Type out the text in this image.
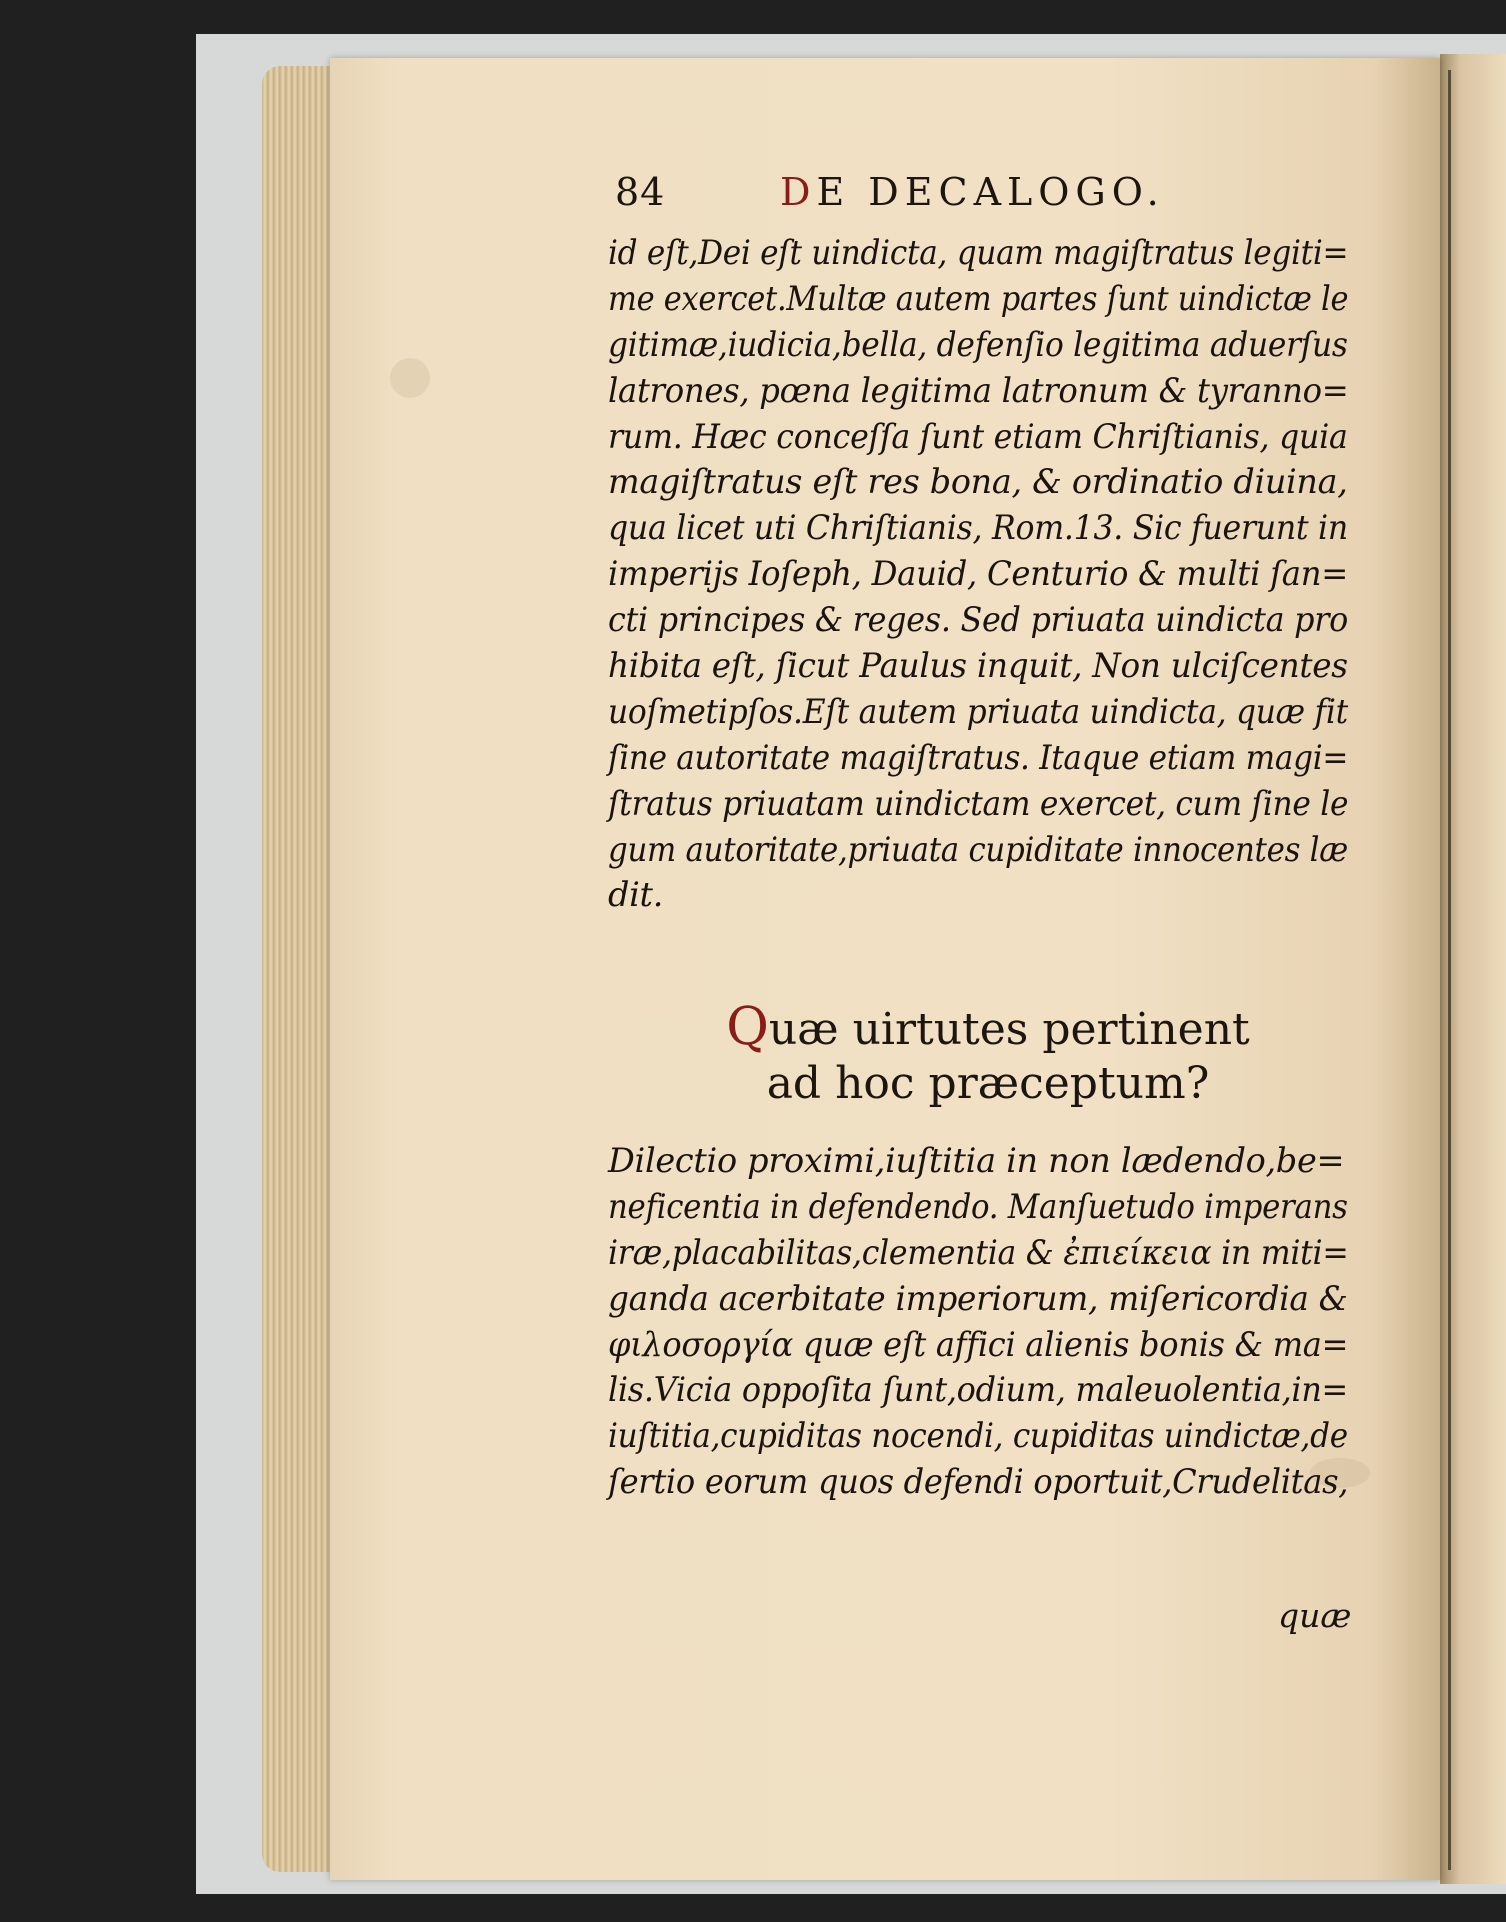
84	DE DECALOGO.
id eſt,Dei eſt uindicta, quam magiſtratus legiti=
me exercet.Multæ autem partes ſunt uindictæ le
gitimæ,iudicia,bella, defenſio legitima aduerſus
latrones, pœna legitima latronum & tyranno=
rum. Hæc conceſſa ſunt etiam Chriſtianis, quia
magiſtratus eſt res bona, & ordinatio diuina,
qua licet uti Chriſtianis, Rom.13. Sic fuerunt in
imperijs Ioſeph, Dauid, Centurio & multi ſan=
cti principes & reges. Sed priuata uindicta pro
hibita eſt, ſicut Paulus inquit, Non ulciſcentes
uoſmetipſos.Eſt autem priuata uindicta, quæ fit
ſine autoritate magiſtratus. Itaque etiam magi=
ſtratus priuatam uindictam exercet, cum ſine le
gum autoritate,priuata cupiditate innocentes læ
dit.
Quæ uirtutes pertinent
ad hoc præceptum?
Dilectio proximi,iuſtitia in non lædendo,be=
neficentia in defendendo. Manſuetudo imperans
iræ,placabilitas,clementia & ἐπιείκεια in miti=
ganda acerbitate imperiorum, miſericordia &
φιλοσοργία quæ eſt affici alienis bonis & ma=
lis.Vicia oppoſita ſunt,odium, maleuolentia,in=
iuſtitia,cupiditas nocendi, cupiditas uindictæ,de
ſertio eorum quos defendi oportuit,Crudelitas,
quæ
